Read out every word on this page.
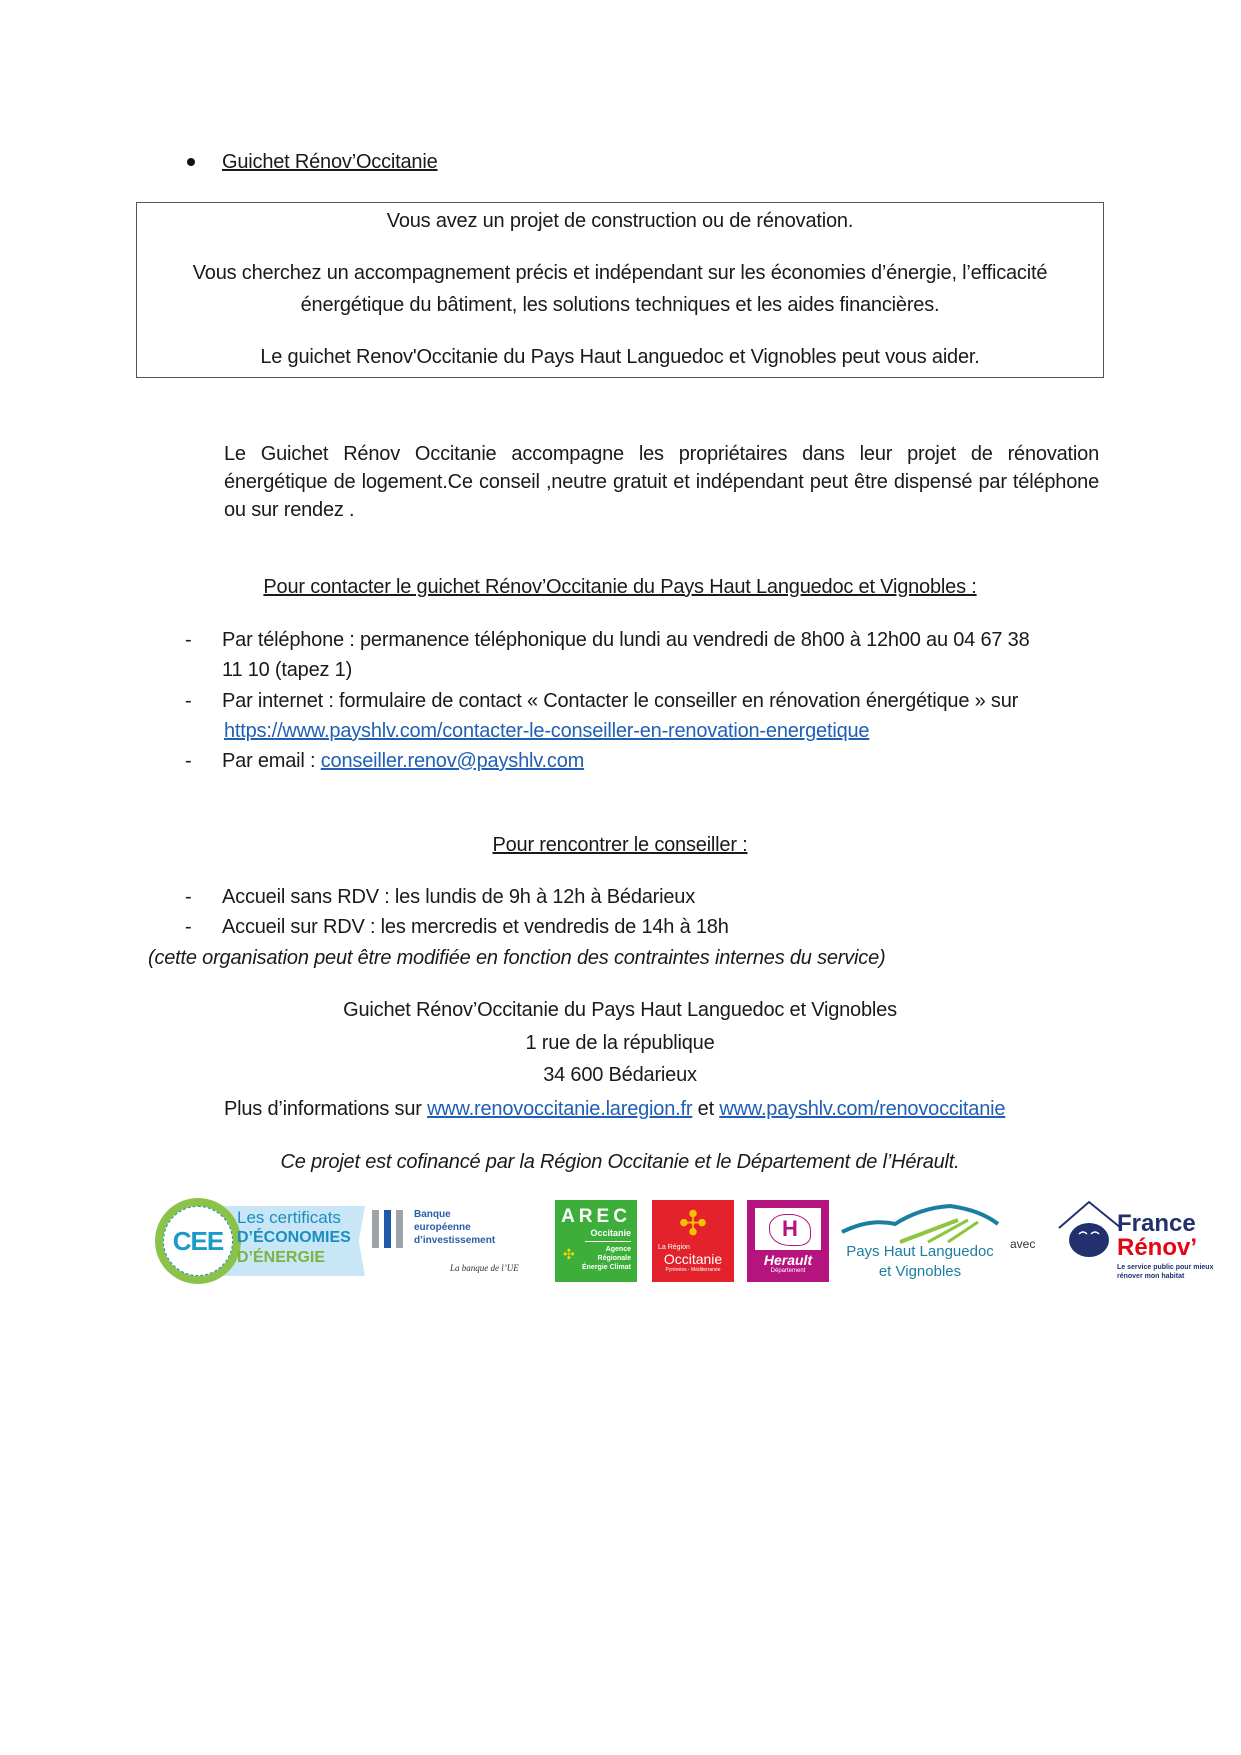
Guichet Rénov’Occitanie
Vous avez un projet de construction ou de rénovation.
Vous cherchez un accompagnement précis et indépendant sur les économies d’énergie, l’efficacité
énergétique du bâtiment, les solutions techniques et les aides financières.
Le guichet Renov'Occitanie du Pays Haut Languedoc et Vignobles peut vous aider.
Le Guichet Rénov Occitanie accompagne les propriétaires dans leur projet de rénovation énergétique de logement.Ce conseil ,neutre gratuit et indépendant peut être dispensé par téléphone ou sur rendez .
Pour contacter le guichet Rénov’Occitanie du Pays Haut Languedoc et Vignobles :
- Par téléphone : permanence téléphonique du lundi au vendredi de 8h00 à 12h00 au 04 67 38
11 10 (tapez 1)
- Par internet : formulaire de contact « Contacter le conseiller en rénovation énergétique » sur
https://www.payshlv.com/contacter-le-conseiller-en-renovation-energetique
- Par email : conseiller.renov@payshlv.com
Pour rencontrer le conseiller :
- Accueil sans RDV : les lundis de 9h à 12h à Bédarieux
- Accueil sur RDV : les mercredis et vendredis de 14h à 18h
(cette organisation peut être modifiée en fonction des contraintes internes du service)
Guichet Rénov’Occitanie du Pays Haut Languedoc et Vignobles
1 rue de la république
34 600 Bédarieux
Plus d’informations sur www.renovoccitanie.laregion.fr et www.payshlv.com/renovoccitanie
Ce projet est cofinancé par la Région Occitanie et le Département de l’Hérault.
CEE
Les certificats
D’ÉCONOMIES
D’ÉNERGIE
Banque
européenne
d’investissement
La banque de l’UE
AREC
Occitanie
Agence
Régionale
Énergie Climat
✣
✣
La Région
Occitanie
Pyrénées - Méditerranée
H
Herault
Département
Pays Haut Languedoc
et Vignobles
avec
France
Rénov’
Le service public pour mieux
rénover mon habitat
